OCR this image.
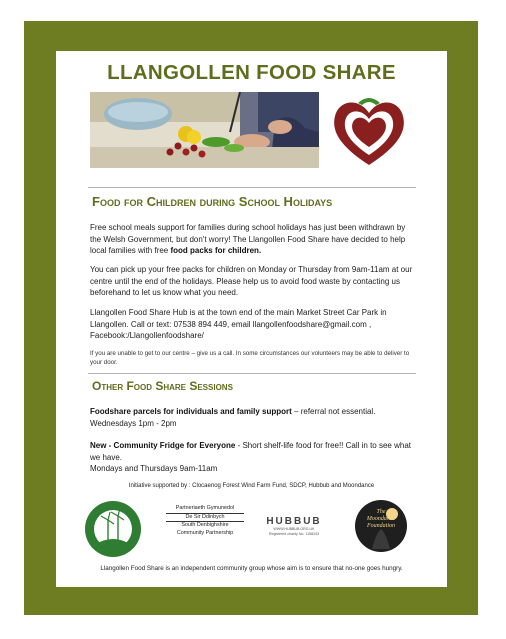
LLANGOLLEN FOOD SHARE
Food for Children during School Holidays
Free school meals support for families during school holidays has just been withdrawn by the Welsh Government, but don't worry! The Llangollen Food Share have decided to help local families with free food packs for children.
You can pick up your free packs for children on Monday or Thursday from 9am-11am at our centre until the end of the holidays. Please help us to avoid food waste by contacting us beforehand to let us know what you need.
Llangollen Food Share Hub is at the town end of the main Market Street Car Park in Llangollen. Call or text: 07538 894 449, email llangollenfoodshare@gmail.com , Facebook:/Llangollenfoodshare/
If you are unable to get to our centre – give us a call. In some circumstances our volunteers may be able to deliver to your door.
Other Food Share Sessions
Foodshare parcels for individuals and family support – referral not essential.
Wednesdays 1pm - 2pm
New - Community Fridge for Everyone - Short shelf-life food for free!! Call in to see what we have.
Mondays and Thursdays 9am-11am
Initiative supported by : Clocaenog Forest Wind Farm Fund, SDCP, Hubbub and Moondance
Partneriaeth Gymunedol
De Sir Ddinbych
South Denbighshire
Community Partnership
HUBBUB
WWW.HUBBUB.ORG.UK
Registered charity No. 1158243
The
Moondance
Foundation
Llangollen Food Share is an independent community group whose aim is to ensure that no-one goes hungry.
